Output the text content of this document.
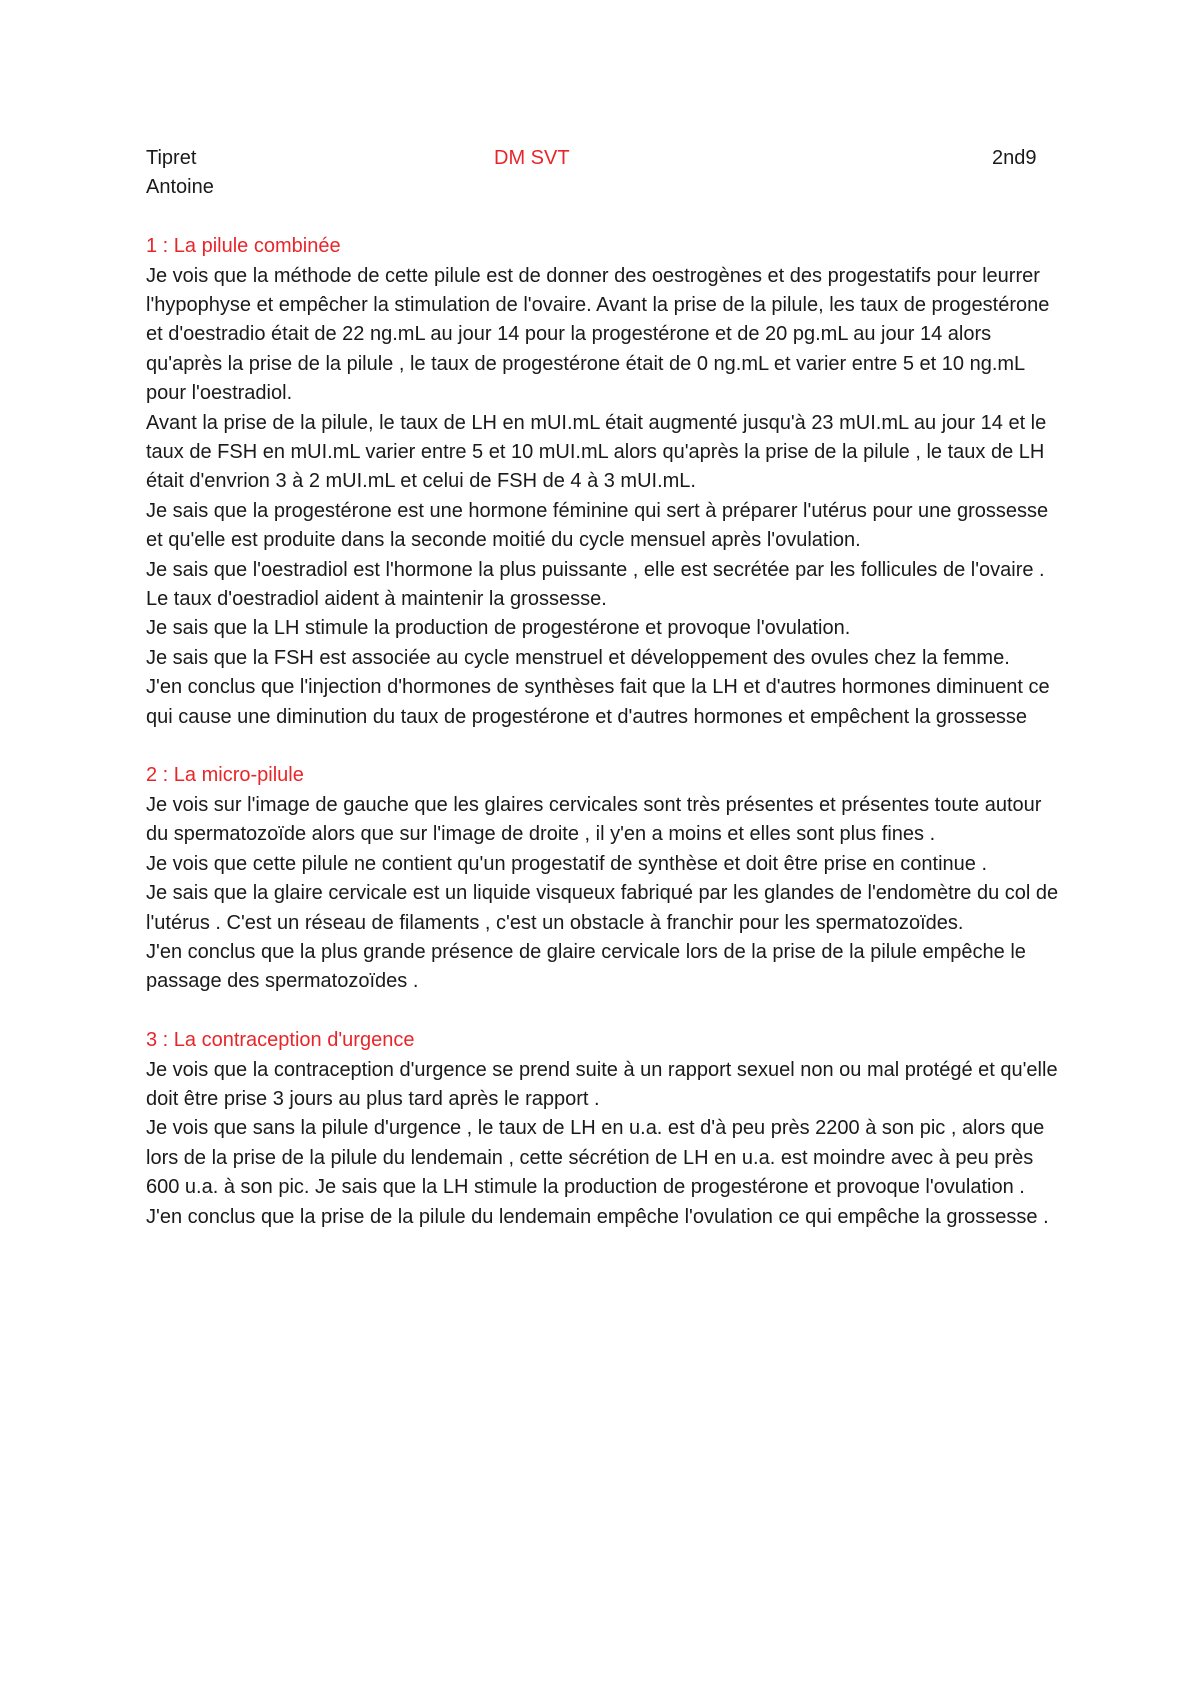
Tipret	DM SVT	2nd9
Antoine
1 : La pilule combinée

Je vois que la méthode de cette pilule est de donner des oestrogènes et des progestatifs pour leurrer l'hypophyse et empêcher la stimulation de l'ovaire. Avant la prise de la pilule, les taux de progestérone et d'oestradio était de 22 ng.mL au jour 14 pour la progestérone et de 20 pg.mL au jour 14 alors qu'après la prise de la pilule , le taux de progestérone était de 0 ng.mL et varier entre 5 et 10 ng.mL pour l'oestradiol.

Avant la prise de la pilule, le taux de LH en mUI.mL était augmenté jusqu'à 23 mUI.mL au jour 14 et le taux de FSH en mUI.mL varier entre 5 et 10 mUI.mL alors qu'après la prise de la pilule , le taux de LH était d'envrion 3 à 2 mUI.mL et celui de FSH de 4 à 3 mUI.mL.

Je sais que la progestérone est une hormone féminine qui sert à préparer l'utérus pour une grossesse et qu'elle est produite dans la seconde moitié du cycle mensuel après l'ovulation.

Je sais que l'oestradiol est l'hormone la plus puissante , elle est secrétée par les follicules de l'ovaire . Le taux d'oestradiol aident à maintenir la grossesse.

Je sais que la LH stimule la production de progestérone et provoque l'ovulation.

Je sais que la FSH est associée au cycle menstruel et développement des ovules chez la femme.

J'en conclus que l'injection d'hormones de synthèses fait que la LH et d'autres hormones diminuent ce qui cause une diminution du taux de progestérone et d'autres hormones et empêchent la grossesse

2 : La micro-pilule

Je vois sur l'image de gauche que les glaires cervicales sont très présentes et présentes toute autour du spermatozoïde alors que sur l'image de droite , il y'en a moins et elles sont plus fines .

Je vois que cette pilule ne contient qu'un progestatif de synthèse et doit être prise en continue .

Je sais que la glaire cervicale est un liquide visqueux fabriqué par les glandes de l'endomètre du col de l'utérus . C'est un réseau de filaments , c'est un obstacle à franchir pour les spermatozoïdes.

J'en conclus que la plus grande présence de glaire cervicale lors de la prise de la pilule empêche le passage des spermatozoïdes .

3 : La contraception d'urgence

Je vois que la contraception d'urgence se prend suite à un rapport sexuel non ou mal protégé et qu'elle doit être prise 3 jours au plus tard après le rapport .

Je vois que sans la pilule d'urgence , le taux de LH en u.a. est d'à peu près 2200 à son pic , alors que lors de la prise de la pilule du lendemain , cette sécrétion de LH en u.a. est moindre avec à peu près 600 u.a. à son pic. Je sais que la LH stimule la production de progestérone et provoque l'ovulation .

J'en conclus que la prise de la pilule du lendemain empêche l'ovulation ce qui empêche la grossesse .
